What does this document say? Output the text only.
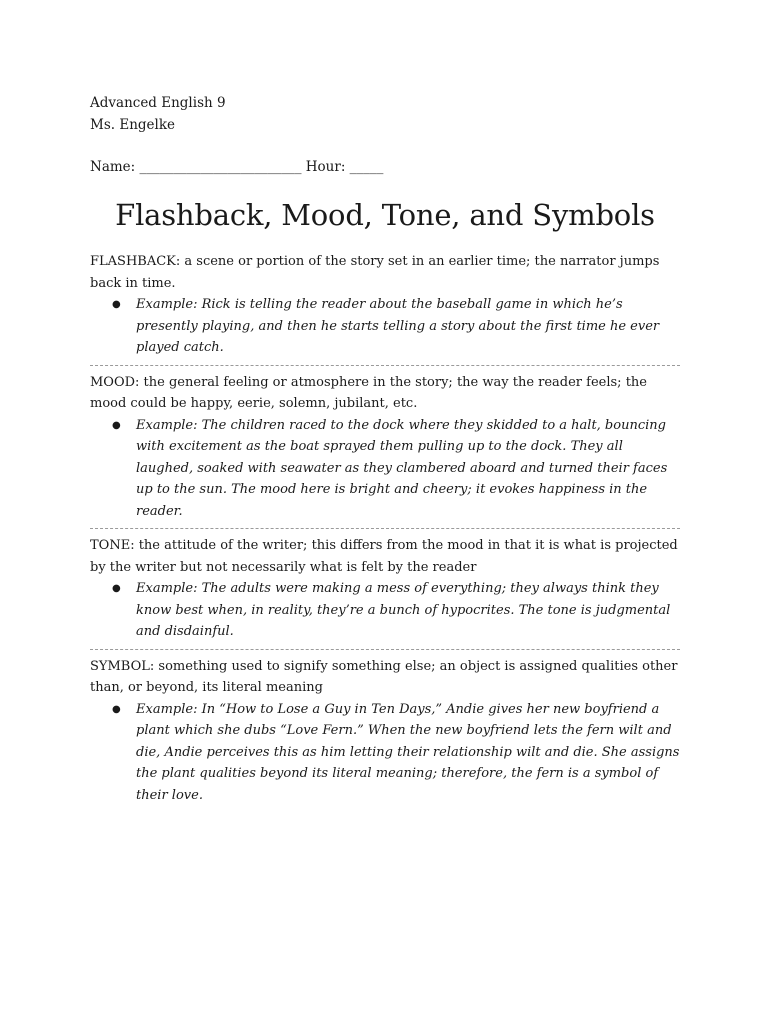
Advanced English 9

Ms. Engelke

Name: ________________________ Hour: _____

Flashback, Mood, Tone, and Symbols

FLASHBACK: a scene or portion of the story set in an earlier time; the narrator jumps back in time.

●	Example: Rick is telling the reader about the baseball game in which he’s presently playing, and then he starts telling a story about the first time he ever played catch.

MOOD: the general feeling or atmosphere in the story; the way the reader feels; the mood could be happy, eerie, solemn, jubilant, etc.

●	Example: The children raced to the dock where they skidded to a halt, bouncing with excitement as the boat sprayed them pulling up to the dock. They all laughed, soaked with seawater as they clambered aboard and turned their faces up to the sun. The mood here is bright and cheery; it evokes happiness in the reader.

TONE: the attitude of the writer; this differs from the mood in that it is what is projected by the writer but not necessarily what is felt by the reader

●	Example: The adults were making a mess of everything; they always think they know best when, in reality, they’re a bunch of hypocrites. The tone is judgmental and disdainful.

SYMBOL: something used to signify something else; an object is assigned qualities other than, or beyond, its literal meaning

●	Example: In “How to Lose a Guy in Ten Days,” Andie gives her new boyfriend a plant which she dubs “Love Fern.” When the new boyfriend lets the fern wilt and die, Andie perceives this as him letting their relationship wilt and die. She assigns the plant qualities beyond its literal meaning; therefore, the fern is a symbol of their love.
